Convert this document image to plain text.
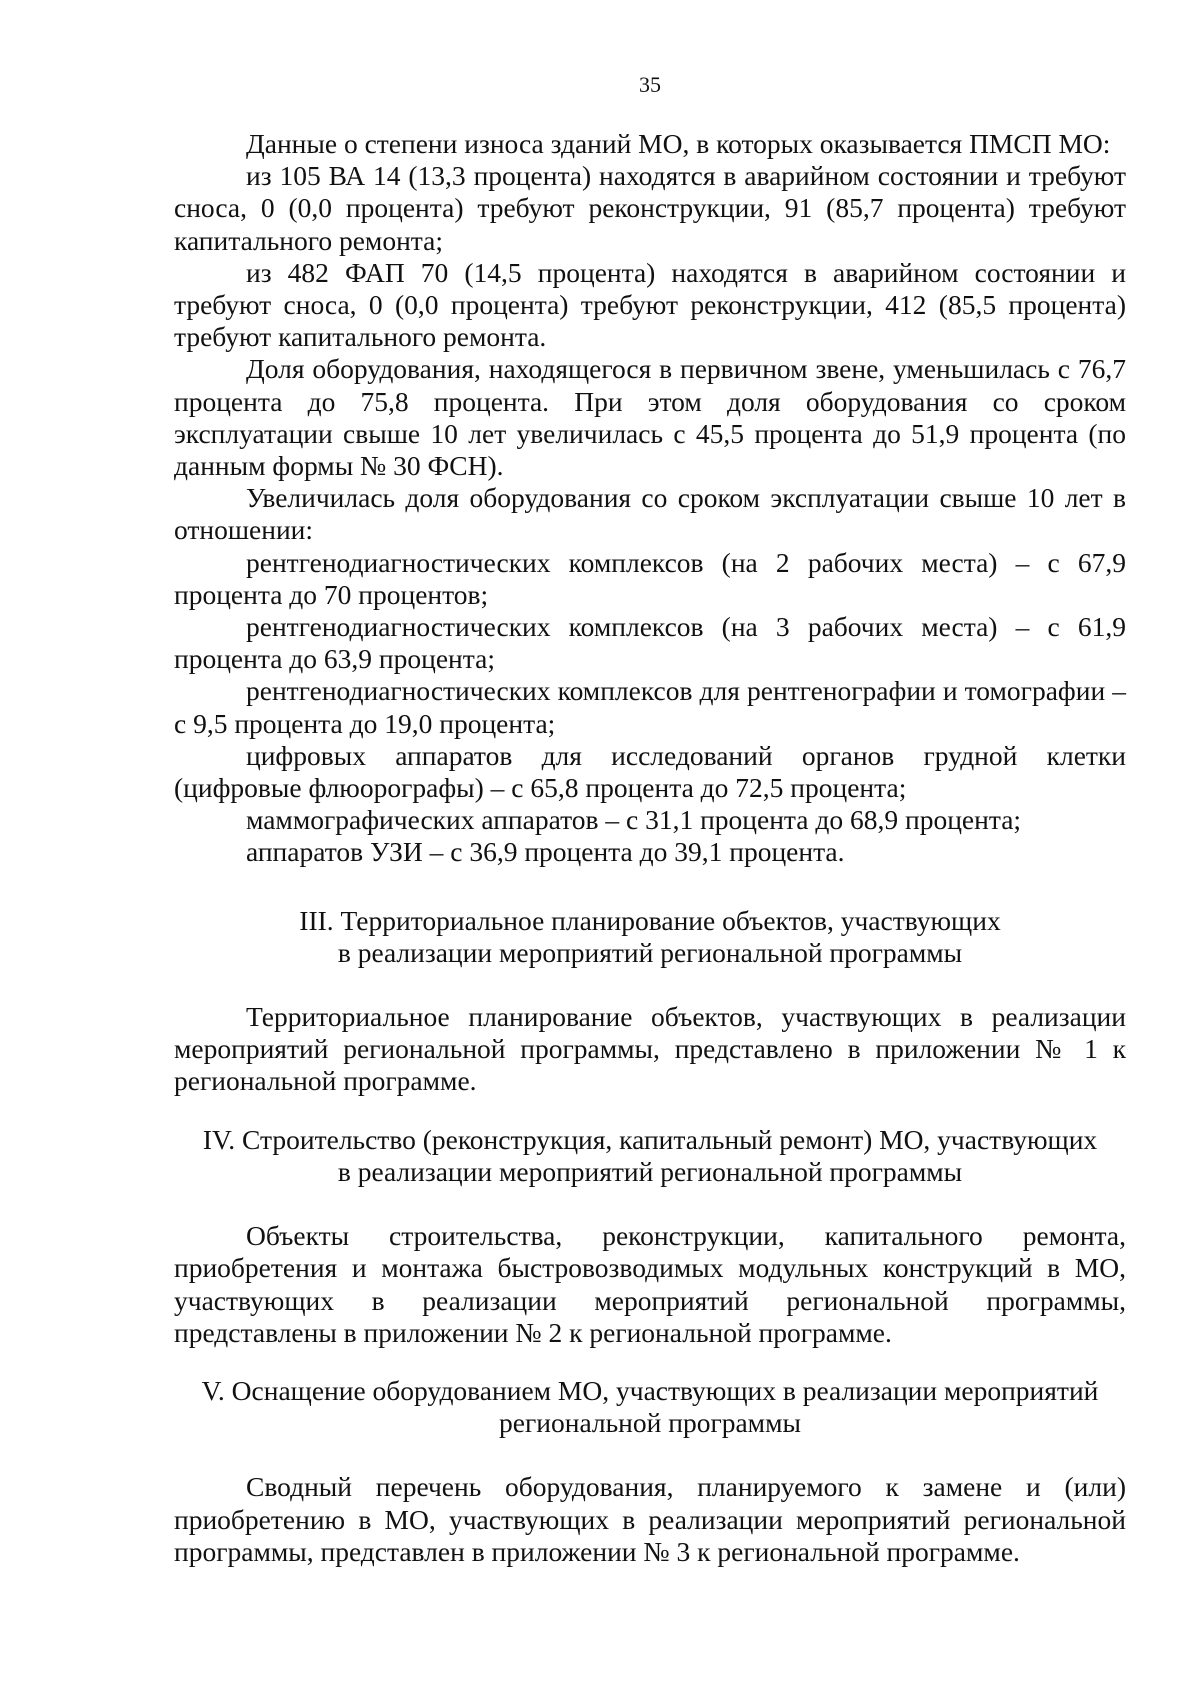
35

Данные о степени износа зданий МО, в которых оказывается ПМСП МО:

из 105 ВА 14 (13,3 процента) находятся в аварийном состоянии и требуют сноса, 0 (0,0 процента) требуют реконструкции, 91 (85,7 процента) требуют капитального ремонта;

из 482 ФАП 70 (14,5 процента) находятся в аварийном состоянии и требуют сноса, 0 (0,0 процента) требуют реконструкции, 412 (85,5 процента) требуют капитального ремонта.

Доля оборудования, находящегося в первичном звене, уменьшилась с 76,7 процента до 75,8 процента. При этом доля оборудования со сроком эксплуатации свыше 10 лет увеличилась с 45,5 процента до 51,9 процента (по данным формы № 30 ФСН).

Увеличилась доля оборудования со сроком эксплуатации свыше 10 лет в отношении:

рентгенодиагностических комплексов (на 2 рабочих места) – с 67,9 процента до 70 процентов;

рентгенодиагностических комплексов (на 3 рабочих места) – с 61,9 процента до 63,9 процента;

рентгенодиагностических комплексов для рентгенографии и томографии – с 9,5 процента до 19,0 процента;

цифровых аппаратов для исследований органов грудной клетки (цифровые флюорографы) – с 65,8 процента до 72,5 процента;

маммографических аппаратов – с 31,1 процента до 68,9 процента;

аппаратов УЗИ – с 36,9 процента до 39,1 процента.

III. Территориальное планирование объектов, участвующих
в реализации мероприятий региональной программы

Территориальное планирование объектов, участвующих в реализации мероприятий региональной программы, представлено в приложении № 1 к региональной программе.

IV. Строительство (реконструкция, капитальный ремонт) МО, участвующих
в реализации мероприятий региональной программы

Объекты строительства, реконструкции, капитального ремонта, приобретения и монтажа быстровозводимых модульных конструкций в МО, участвующих в реализации мероприятий региональной программы, представлены в приложении № 2 к региональной программе.

V. Оснащение оборудованием МО, участвующих в реализации мероприятий
региональной программы

Сводный перечень оборудования, планируемого к замене и (или) приобретению в МО, участвующих в реализации мероприятий региональной программы, представлен в приложении № 3 к региональной программе.
